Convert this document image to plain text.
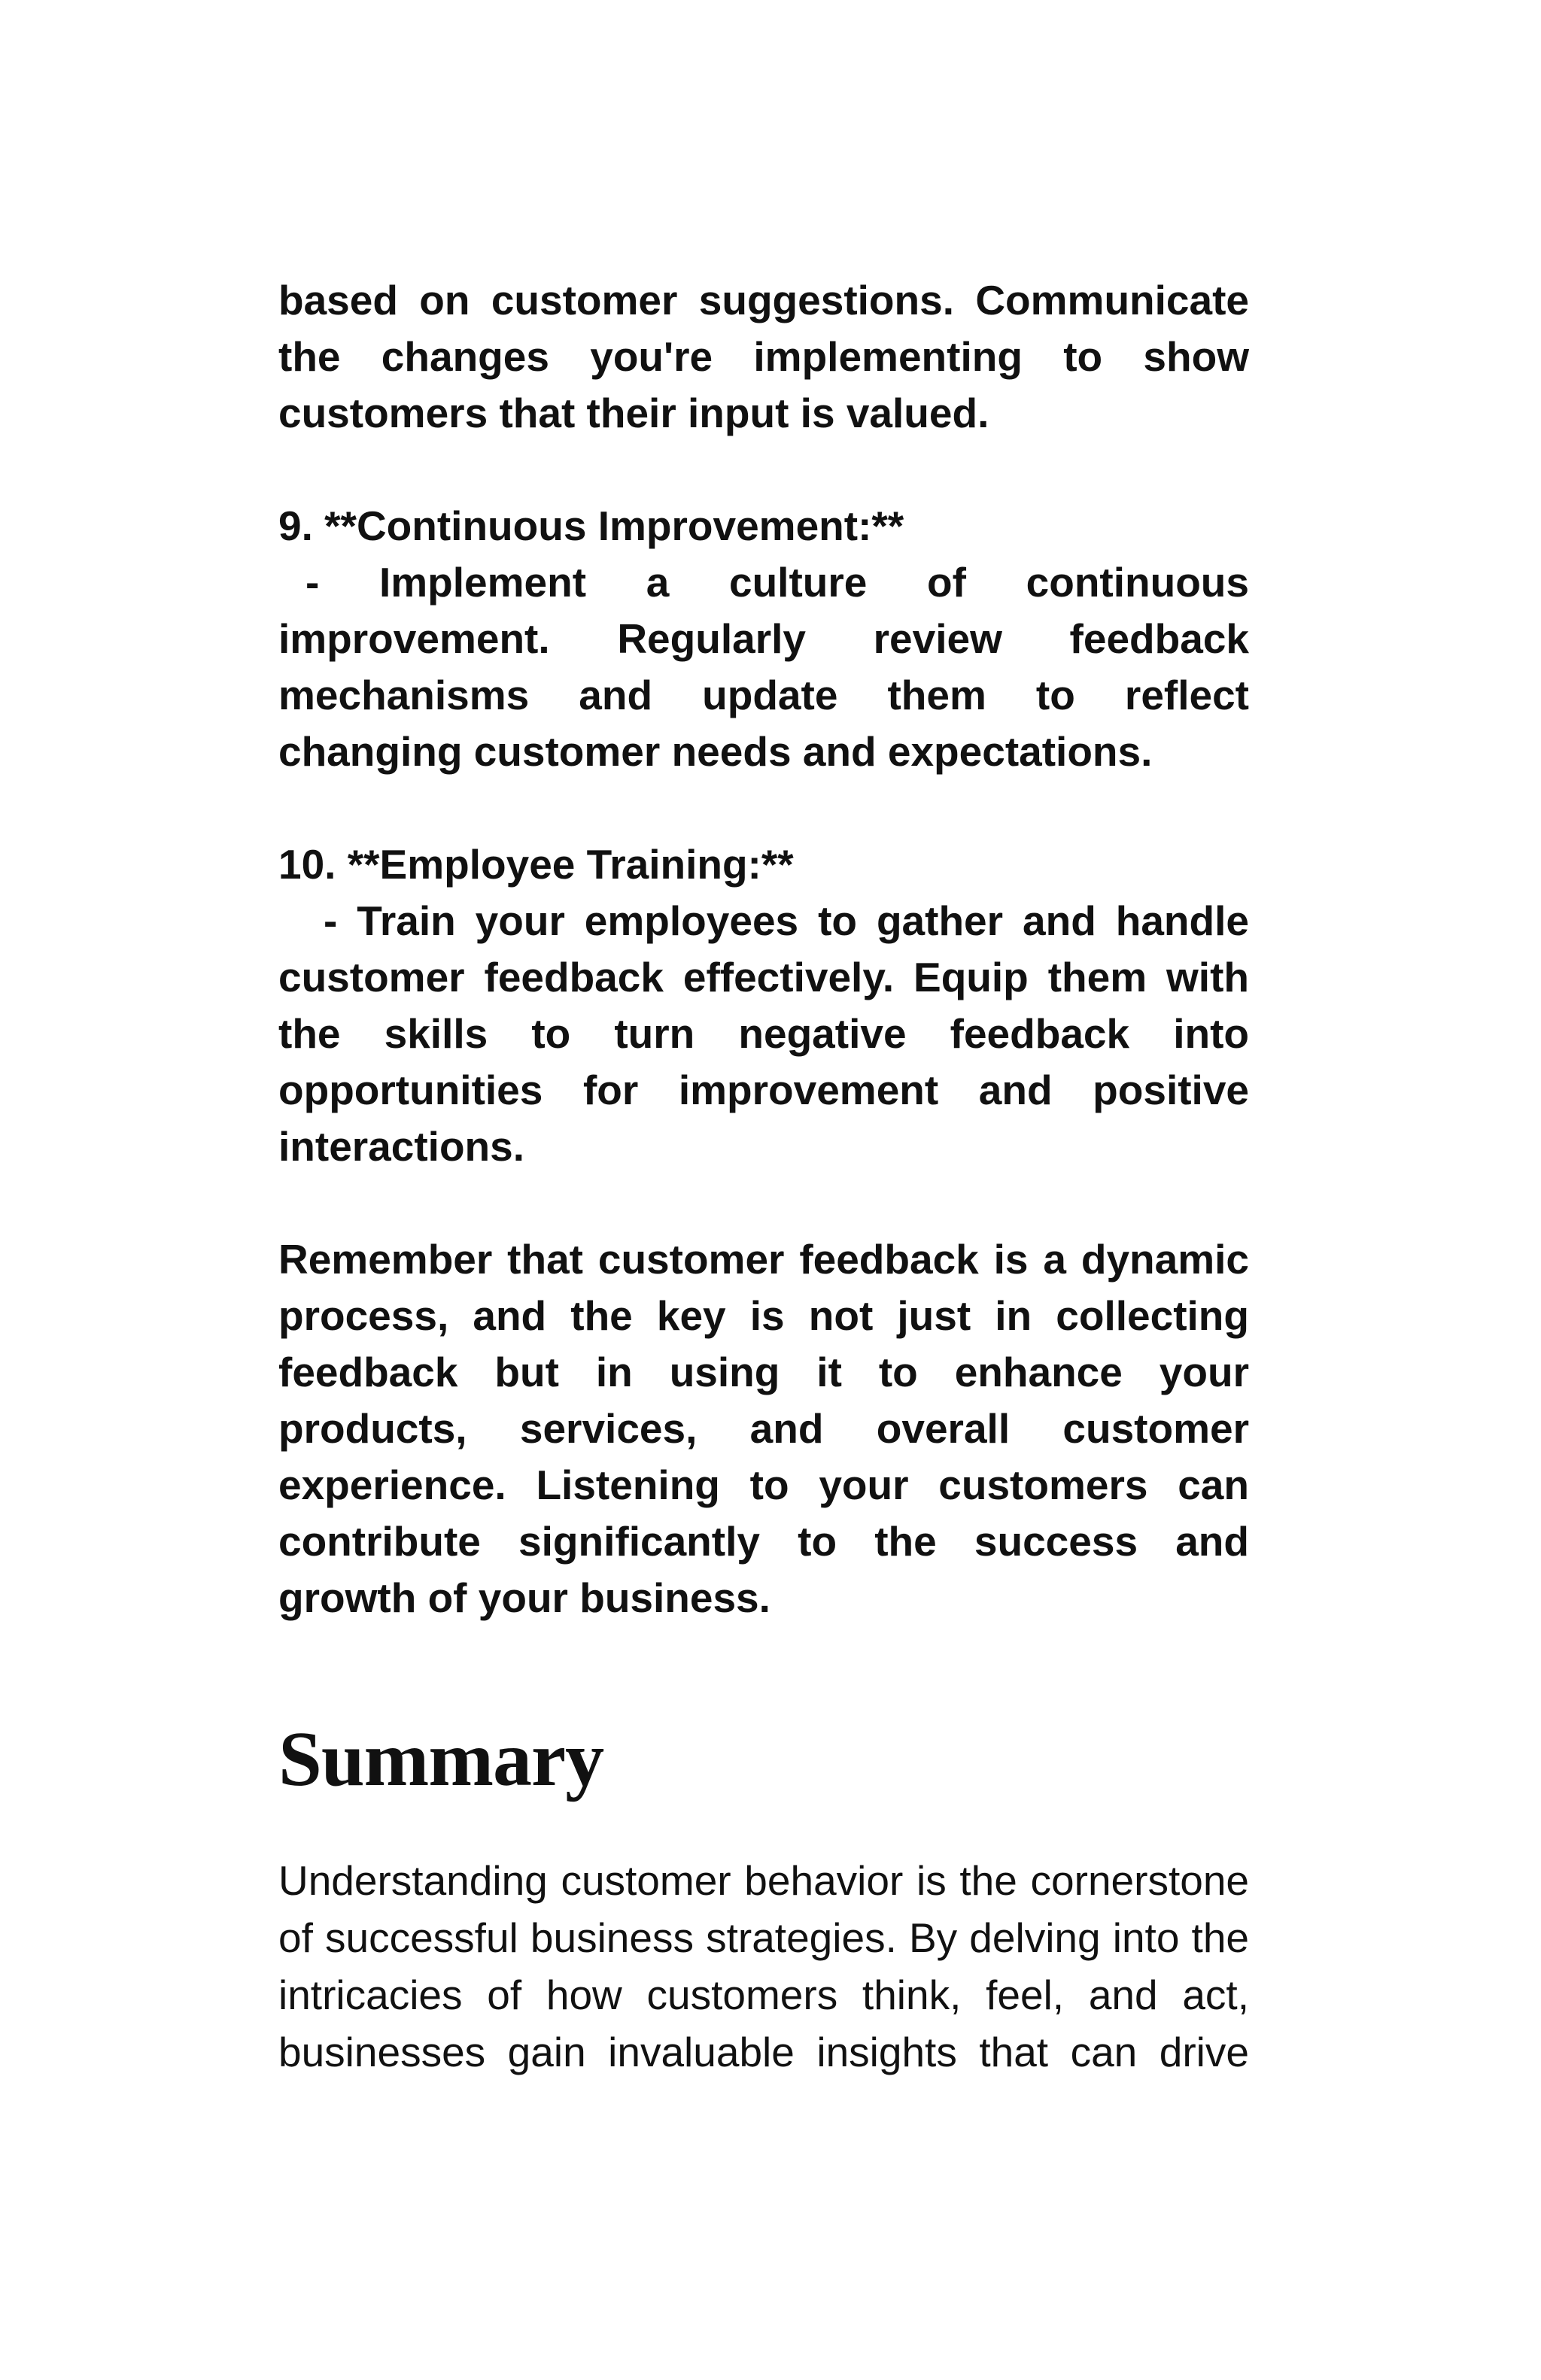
based on customer suggestions. Communicate
the changes you're implementing to show
customers that their input is valued.

9. **Continuous Improvement:**

- Implement a culture of continuous
improvement. Regularly review feedback
mechanisms and update them to reflect
changing customer needs and expectations.

10. **Employee Training:**

- Train your employees to gather and handle
customer feedback effectively. Equip them with
the skills to turn negative feedback into
opportunities for improvement and positive
interactions.

Remember that customer feedback is a dynamic
process, and the key is not just in collecting
feedback but in using it to enhance your
products, services, and overall customer
experience. Listening to your customers can
contribute significantly to the success and
growth of your business.

Summary

Understanding customer behavior is the cornerstone
of successful business strategies. By delving into the
intricacies of how customers think, feel, and act,
businesses gain invaluable insights that can drive
